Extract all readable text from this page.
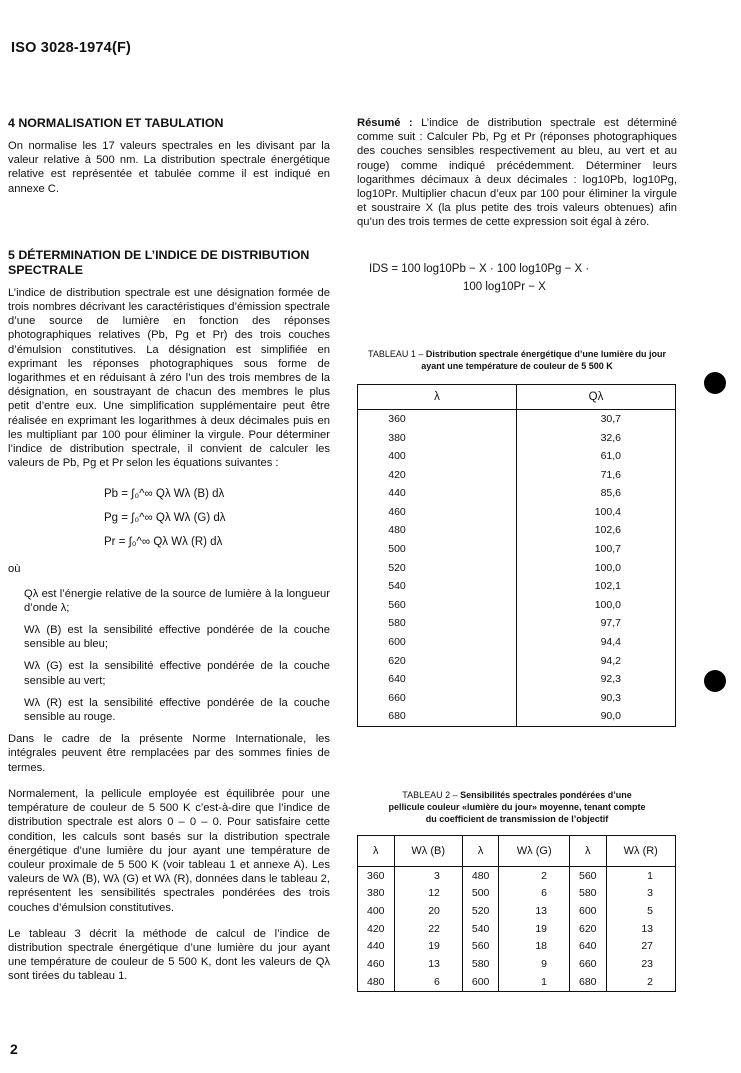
ISO 3028-1974(F)
4 NORMALISATION ET TABULATION

On normalise les 17 valeurs spectrales en les divisant par la valeur relative à 500 nm. La distribution spectrale énergétique relative est représentée et tabulée comme il est indiqué en annexe C.

5 DÉTERMINATION DE L’INDICE DE DISTRIBUTION SPECTRALE

L’indice de distribution spectrale est une désignation formée de trois nombres décrivant les caractéristiques d’émission spectrale d’une source de lumière en fonction des réponses photographiques relatives (Pb, Pg et Pr) des trois couches d’émulsion constitutives. La désignation est simplifiée en exprimant les réponses photographiques sous forme de logarithmes et en réduisant à zéro l’un des trois membres de la désignation, en soustrayant de chacun des membres le plus petit d’entre eux. Une simplification supplémentaire peut être réalisée en exprimant les logarithmes à deux décimales puis en les multipliant par 100 pour éliminer la virgule. Pour déterminer l’indice de distribution spectrale, il convient de calculer les valeurs de Pb, Pg et Pr selon les équations suivantes :

Pb = ∫₀^∞ Qλ Wλ (B) dλ
Pg = ∫₀^∞ Qλ Wλ (G) dλ
Pr = ∫₀^∞ Qλ Wλ (R) dλ

où

Qλ est l’énergie relative de la source de lumière à la longueur d’onde λ;

Wλ (B) est la sensibilité effective pondérée de la couche sensible au bleu;

Wλ (G) est la sensibilité effective pondérée de la couche sensible au vert;

Wλ (R) est la sensibilité effective pondérée de la couche sensible au rouge.

Dans le cadre de la présente Norme Internationale, les intégrales peuvent être remplacées par des sommes finies de termes.

Normalement, la pellicule employée est équilibrée pour une température de couleur de 5 500 K c’est-à-dire que l’indice de distribution spectrale est alors 0 – 0 – 0. Pour satisfaire cette condition, les calculs sont basés sur la distribution spectrale énergétique d’une lumière du jour ayant une température de couleur proximale de 5 500 K (voir tableau 1 et annexe A). Les valeurs de Wλ (B), Wλ (G) et Wλ (R), données dans le tableau 2, représentent les sensibilités spectrales pondérées des trois couches d’émulsion constitutives.

Le tableau 3 décrit la méthode de calcul de l’indice de distribution spectrale énergétique d’une lumière du jour ayant une température de couleur de 5 500 K, dont les valeurs de Qλ sont tirées du tableau 1.

Résumé : L’indice de distribution spectrale est déterminé comme suit : Calculer Pb, Pg et Pr (réponses photographiques des couches sensibles respectivement au bleu, au vert et au rouge) comme indiqué précédemment. Déterminer leurs logarithmes décimaux à deux décimales : log10Pb, log10Pg, log10Pr. Multiplier chacun d’eux par 100 pour éliminer la virgule et soustraire X (la plus petite des trois valeurs obtenues) afin qu’un des trois termes de cette expression soit égal à zéro.

IDS = 100 log10Pb − X · 100 log10Pg − X ·
100 log10Pr − X

TABLEAU 1 – Distribution spectrale énergétique d’une lumière du jour ayant une température de couleur de 5 500 K

λ	Qλ
360	30,7
380	32,6
400	61,0
420	71,6
440	85,6
460	100,4
480	102,6
500	100,7
520	100,0
540	102,1
560	100,0
580	97,7
600	94,4
620	94,2
640	92,3
660	90,3
680	90,0

TABLEAU 2 – Sensibilités spectrales pondérées d’une pellicule couleur «lumière du jour» moyenne, tenant compte du coefficient de transmission de l’objectif

λ	Wλ (B)	λ	Wλ (G)	λ	Wλ (R)
360	3	480	2	560	1
380	12	500	6	580	3
400	20	520	13	600	5
420	22	540	19	620	13
440	19	560	18	640	27
460	13	580	9	660	23
480	6	600	1	680	2
2
